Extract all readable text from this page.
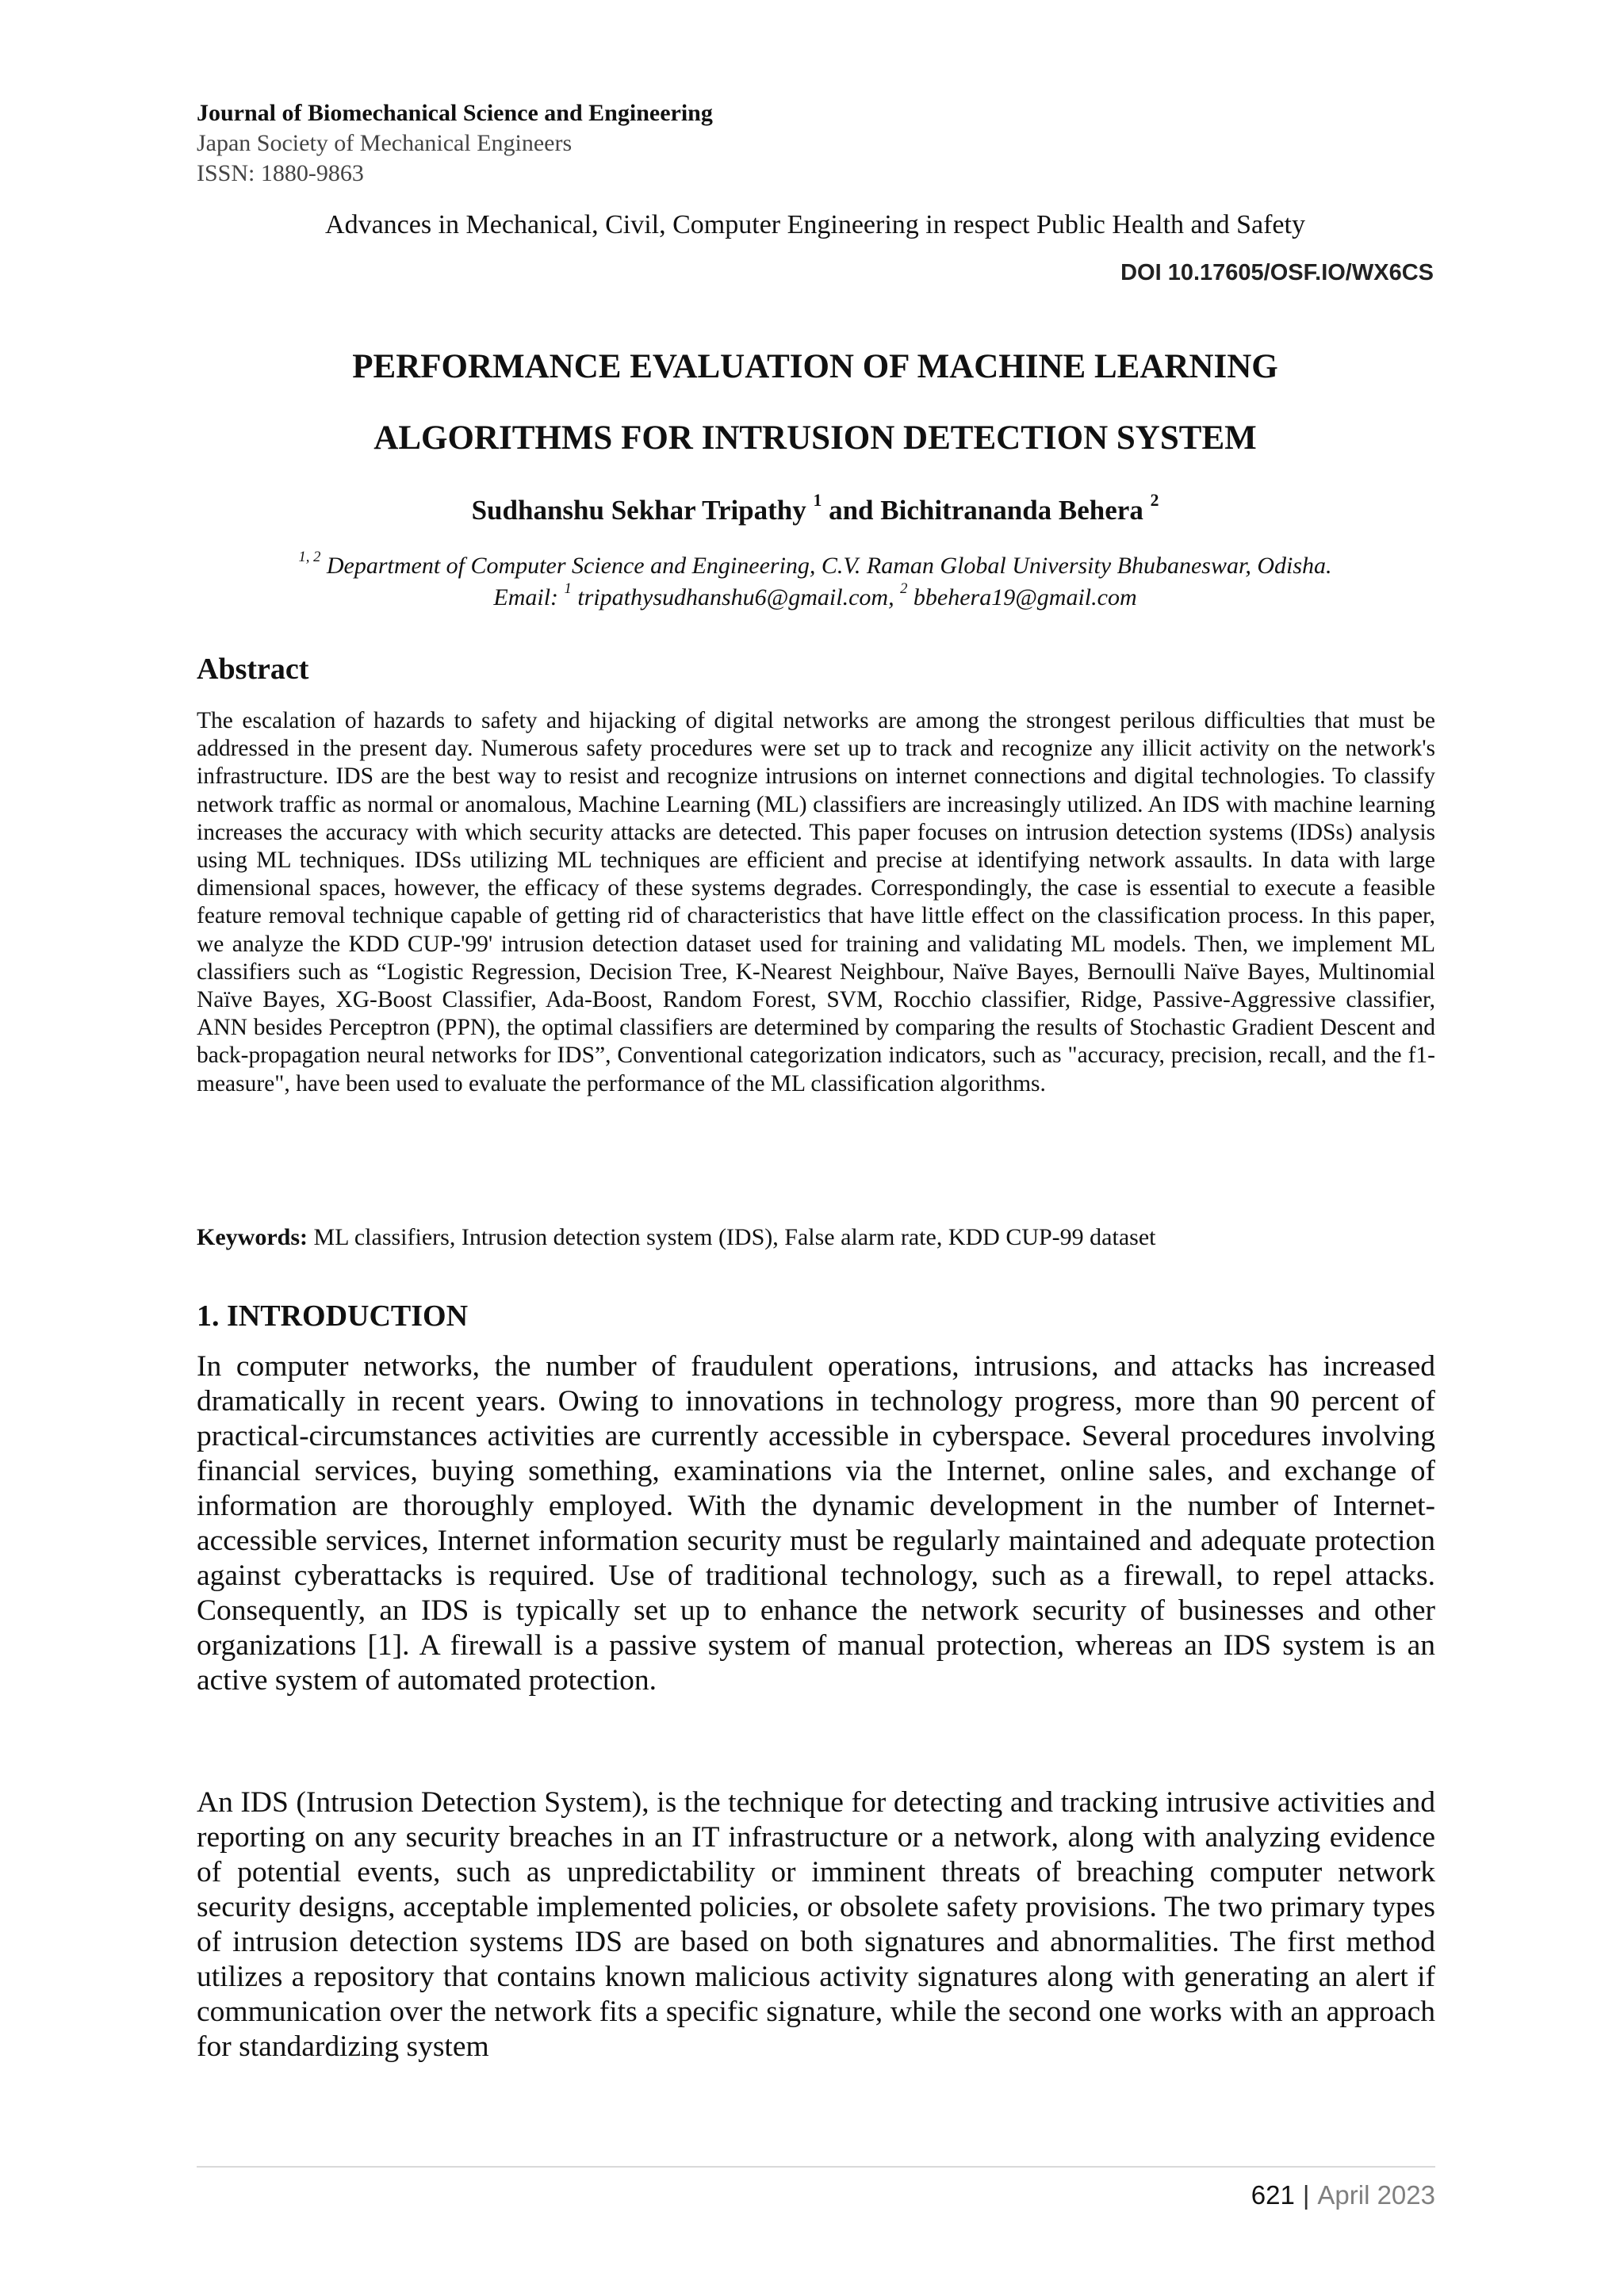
Journal of Biomechanical Science and Engineering
Japan Society of Mechanical Engineers
ISSN: 1880-9863
Advances in Mechanical, Civil, Computer Engineering in respect Public Health and Safety
DOI 10.17605/OSF.IO/WX6CS
PERFORMANCE EVALUATION OF MACHINE LEARNING
ALGORITHMS FOR INTRUSION DETECTION SYSTEM
Sudhanshu Sekhar Tripathy $^1$ and Bichitrananda Behera $^2$
$^{1, 2}$ Department of Computer Science and Engineering, C.V. Raman Global University Bhubaneswar, Odisha.
Email: $^1$ tripathysudhanshu6@gmail.com, $^2$ bbehera19@gmail.com
Abstract
The escalation of hazards to safety and hijacking of digital networks are among the strongest perilous difficulties that must be addressed in the present day. Numerous safety procedures were set up to track and recognize any illicit activity on the network's infrastructure. IDS are the best way to resist and recognize intrusions on internet connections and digital technologies. To classify network traffic as normal or anomalous, Machine Learning (ML) classifiers are increasingly utilized. An IDS with machine learning increases the accuracy with which security attacks are detected. This paper focuses on intrusion detection systems (IDSs) analysis using ML techniques. IDSs utilizing ML techniques are efficient and precise at identifying network assaults. In data with large dimensional spaces, however, the efficacy of these systems degrades. Correspondingly, the case is essential to execute a feasible feature removal technique capable of getting rid of characteristics that have little effect on the classification process. In this paper, we analyze the KDD CUP-'99' intrusion detection dataset used for training and validating ML models. Then, we implement ML classifiers such as “Logistic Regression, Decision Tree, K-Nearest Neighbour, Naïve Bayes, Bernoulli Naïve Bayes, Multinomial Naïve Bayes, XG-Boost Classifier, Ada-Boost, Random Forest, SVM, Rocchio classifier, Ridge, Passive-Aggressive classifier, ANN besides Perceptron (PPN), the optimal classifiers are determined by comparing the results of Stochastic Gradient Descent and back-propagation neural networks for IDS”, Conventional categorization indicators, such as "accuracy, precision, recall, and the f1-measure", have been used to evaluate the performance of the ML classification algorithms.
Keywords: ML classifiers, Intrusion detection system (IDS), False alarm rate, KDD CUP-99 dataset
1. INTRODUCTION
In computer networks, the number of fraudulent operations, intrusions, and attacks has increased dramatically in recent years. Owing to innovations in technology progress, more than 90 percent of practical-circumstances activities are currently accessible in cyberspace. Several procedures involving financial services, buying something, examinations via the Internet, online sales, and exchange of information are thoroughly employed. With the dynamic development in the number of Internet-accessible services, Internet information security must be regularly maintained and adequate protection against cyberattacks is required. Use of traditional technology, such as a firewall, to repel attacks. Consequently, an IDS is typically set up to enhance the network security of businesses and other organizations [1]. A firewall is a passive system of manual protection, whereas an IDS system is an active system of automated protection.
An IDS (Intrusion Detection System), is the technique for detecting and tracking intrusive activities and reporting on any security breaches in an IT infrastructure or a network, along with analyzing evidence of potential events, such as unpredictability or imminent threats of breaching computer network security designs, acceptable implemented policies, or obsolete safety provisions. The two primary types of intrusion detection systems IDS are based on both signatures and abnormalities. The first method utilizes a repository that contains known malicious activity signatures along with generating an alert if communication over the network fits a specific signature, while the second one works with an approach for standardizing system
621 | April 2023
